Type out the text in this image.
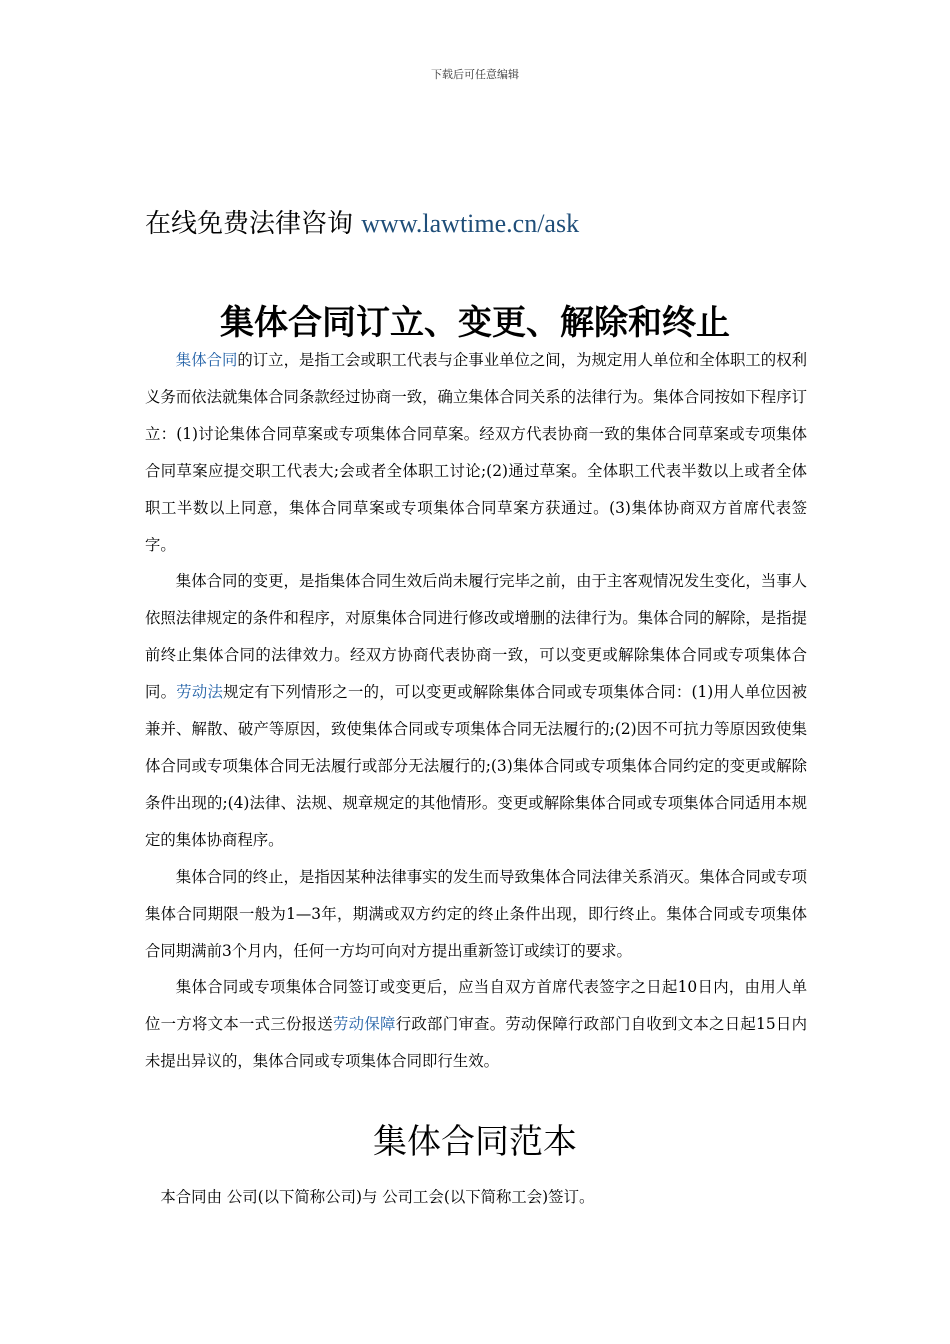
下载后可任意编辑
在线免费法律咨询 www.lawtime.cn/ask
集体合同订立、变更、解除和终止

集体合同的订立，是指工会或职工代表与企事业单位之间，为规定用人单位和全体职工的权利义务而依法就集体合同条款经过协商一致，确立集体合同关系的法律行为。集体合同按如下程序订立：(1)讨论集体合同草案或专项集体合同草案。经双方代表协商一致的集体合同草案或专项集体合同草案应提交职工代表大;会或者全体职工讨论;(2)通过草案。全体职工代表半数以上或者全体职工半数以上同意，集体合同草案或专项集体合同草案方获通过。(3)集体协商双方首席代表签字。

集体合同的变更，是指集体合同生效后尚未履行完毕之前，由于主客观情况发生变化，当事人依照法律规定的条件和程序，对原集体合同进行修改或增删的法律行为。集体合同的解除，是指提前终止集体合同的法律效力。经双方协商代表协商一致，可以变更或解除集体合同或专项集体合同。劳动法规定有下列情形之一的，可以变更或解除集体合同或专项集体合同：(1)用人单位因被兼并、解散、破产等原因，致使集体合同或专项集体合同无法履行的;(2)因不可抗力等原因致使集体合同或专项集体合同无法履行或部分无法履行的;(3)集体合同或专项集体合同约定的变更或解除条件出现的;(4)法律、法规、规章规定的其他情形。变更或解除集体合同或专项集体合同适用本规定的集体协商程序。

集体合同的终止，是指因某种法律事实的发生而导致集体合同法律关系消灭。集体合同或专项集体合同期限一般为1—3年，期满或双方约定的终止条件出现，即行终止。集体合同或专项集体合同期满前3个月内，任何一方均可向对方提出重新签订或续订的要求。

集体合同或专项集体合同签订或变更后，应当自双方首席代表签字之日起10日内，由用人单位一方将文本一式三份报送劳动保障行政部门审查。劳动保障行政部门自收到文本之日起15日内未提出异议的，集体合同或专项集体合同即行生效。

集体合同范本
本合同由 公司(以下简称公司)与 公司工会(以下简称工会)签订。
